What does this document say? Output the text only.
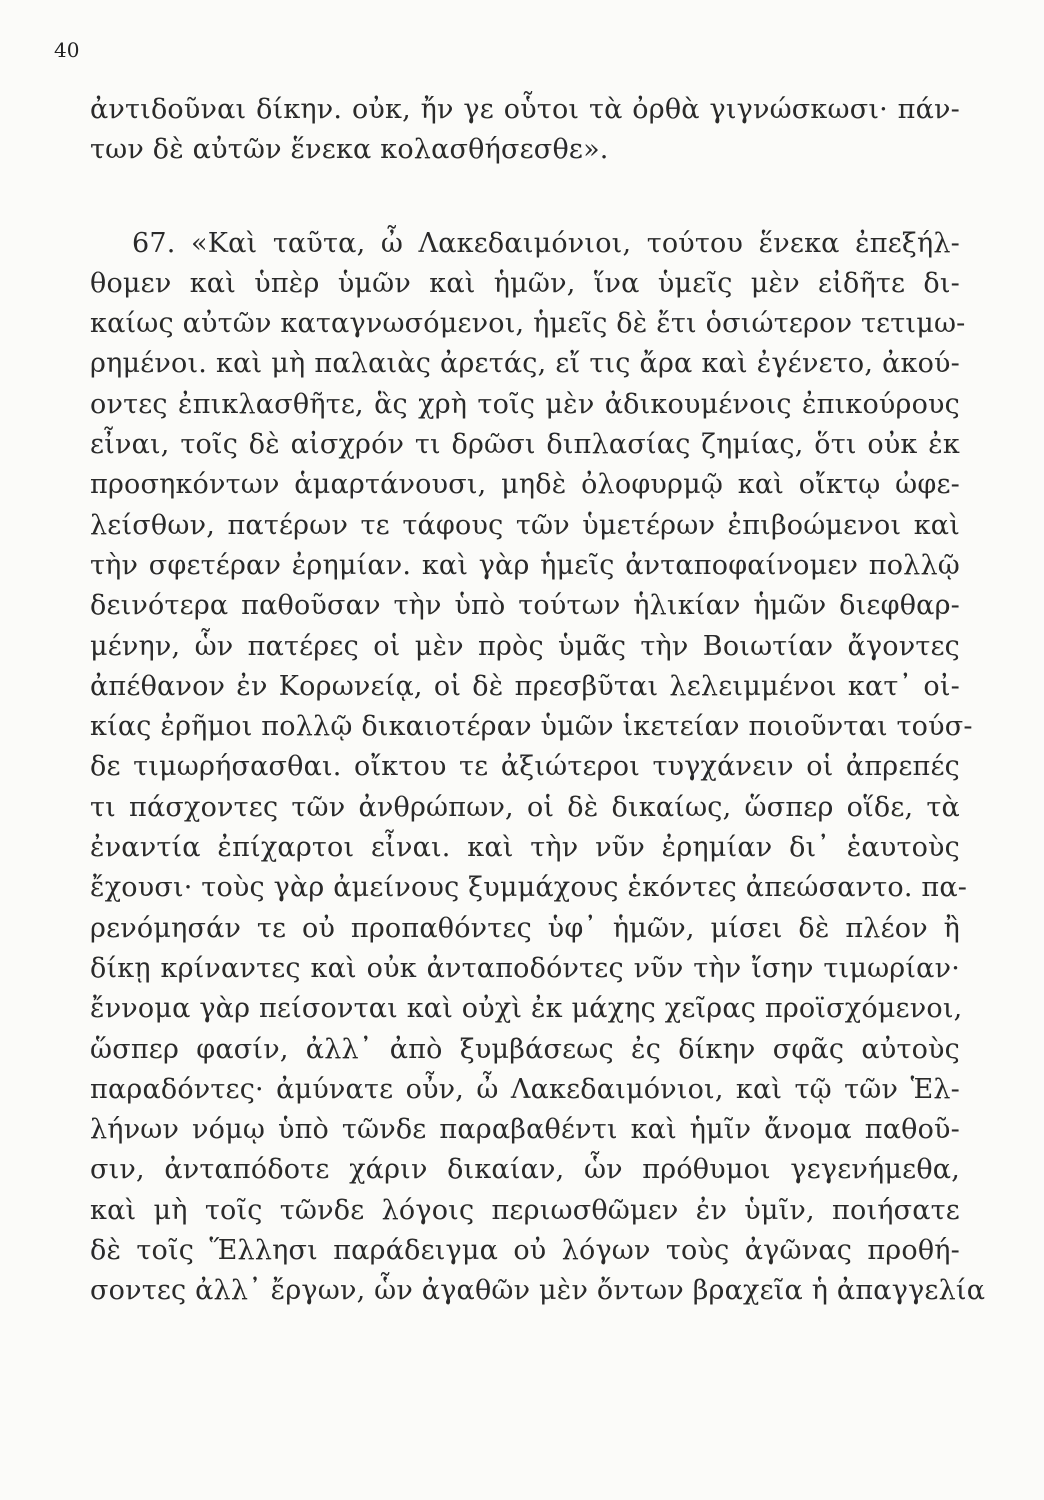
40
ἀντιδοῦναι δίκην. οὐκ, ἤν γε οὗτοι τὰ ὀρθὰ γιγνώσκωσι· πάν-
των δὲ αὐτῶν ἕνεκα κολασθήσεσθε».
67. «Καὶ ταῦτα, ὦ Λακεδαιμόνιοι, τούτου ἕνεκα ἐπεξήλ-
θομεν καὶ ὑπὲρ ὑμῶν καὶ ἡμῶν, ἵνα ὑμεῖς μὲν εἰδῆτε δι-
καίως αὐτῶν καταγνωσόμενοι, ἡμεῖς δὲ ἔτι ὁσιώτερον τετιμω-
ρημένοι. καὶ μὴ παλαιὰς ἀρετάς, εἴ τις ἄρα καὶ ἐγένετο, ἀκού-
οντες ἐπικλασθῆτε, ἃς χρὴ τοῖς μὲν ἀδικουμένοις ἐπικούρους
εἶναι, τοῖς δὲ αἰσχρόν τι δρῶσι διπλασίας ζημίας, ὅτι οὐκ ἐκ
προσηκόντων ἁμαρτάνουσι, μηδὲ ὀλοφυρμῷ καὶ οἴκτῳ ὠφε-
λείσθων, πατέρων τε τάφους τῶν ὑμετέρων ἐπιβοώμενοι καὶ
τὴν σφετέραν ἐρημίαν. καὶ γὰρ ἡμεῖς ἀνταποφαίνομεν πολλῷ
δεινότερα παθοῦσαν τὴν ὑπὸ τούτων ἡλικίαν ἡμῶν διεφθαρ-
μένην, ὧν πατέρες οἱ μὲν πρὸς ὑμᾶς τὴν Βοιωτίαν ἄγοντες
ἀπέθανον ἐν Κορωνείᾳ, οἱ δὲ πρεσβῦται λελειμμένοι κατ᾽ οἰ-
κίας ἐρῆμοι πολλῷ δικαιοτέραν ὑμῶν ἱκετείαν ποιοῦνται τούσ-
δε τιμωρήσασθαι. οἴκτου τε ἀξιώτεροι τυγχάνειν οἱ ἀπρεπές
τι πάσχοντες τῶν ἀνθρώπων, οἱ δὲ δικαίως, ὥσπερ οἵδε, τὰ
ἐναντία ἐπίχαρτοι εἶναι. καὶ τὴν νῦν ἐρημίαν δι᾽ ἑαυτοὺς
ἔχουσι· τοὺς γὰρ ἀμείνους ξυμμάχους ἑκόντες ἀπεώσαντο. πα-
ρενόμησάν τε οὐ προπαθόντες ὑφ᾽ ἡμῶν, μίσει δὲ πλέον ἢ
δίκῃ κρίναντες καὶ οὐκ ἀνταποδόντες νῦν τὴν ἴσην τιμωρίαν·
ἔννομα γὰρ πείσονται καὶ οὐχὶ ἐκ μάχης χεῖρας προϊσχόμενοι,
ὥσπερ φασίν, ἀλλ᾽ ἀπὸ ξυμβάσεως ἐς δίκην σφᾶς αὐτοὺς
παραδόντες· ἀμύνατε οὖν, ὦ Λακεδαιμόνιοι, καὶ τῷ τῶν Ἑλ-
λήνων νόμῳ ὑπὸ τῶνδε παραβαθέντι καὶ ἡμῖν ἄνομα παθοῦ-
σιν, ἀνταπόδοτε χάριν δικαίαν, ὧν πρόθυμοι γεγενήμεθα,
καὶ μὴ τοῖς τῶνδε λόγοις περιωσθῶμεν ἐν ὑμῖν, ποιήσατε
δὲ τοῖς Ἕλλησι παράδειγμα οὐ λόγων τοὺς ἀγῶνας προθή-
σοντες ἀλλ᾽ ἔργων, ὧν ἀγαθῶν μὲν ὄντων βραχεῖα ἡ ἀπαγγελία
